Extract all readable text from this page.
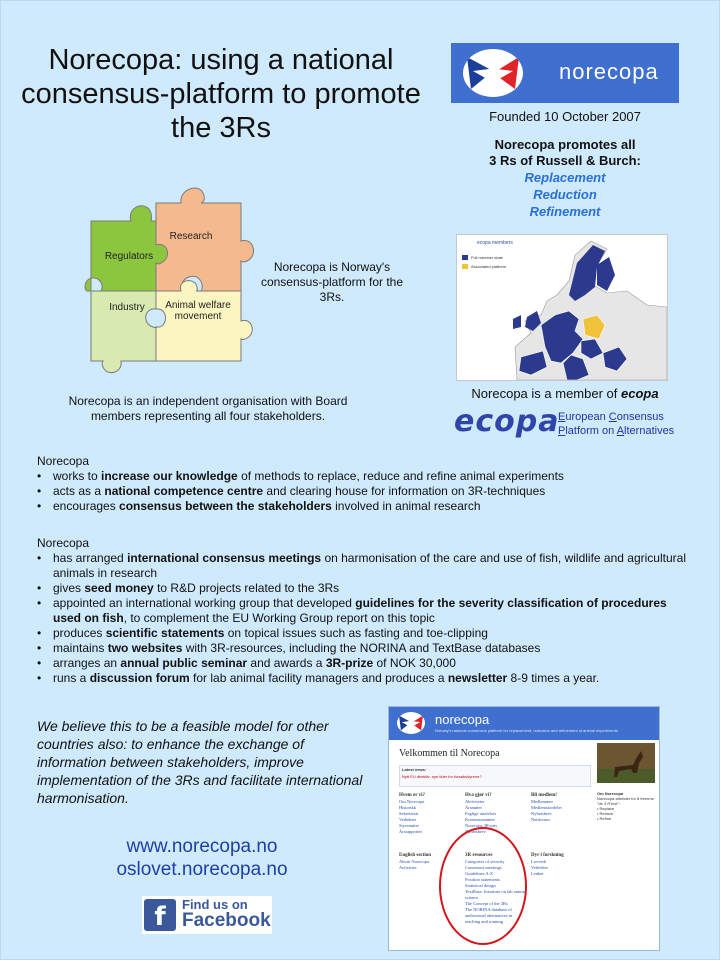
Norecopa: using a national consensus-platform to promote the 3Rs
norecopa
Founded 10 October 2007
Norecopa promotes all
3 Rs of Russell & Burch:
Replacement
Reduction
Refinement
Regulators
Research
Industry	Animal welfare movement
Norecopa is Norway's consensus-platform for the 3Rs.
ecopa members
Full member state
Associated platform
Norecopa is an independent organisation with Board members representing all four stakeholders.
Norecopa is a member of ecopa
ecopa
European Consensus
Platform on Alternatives
Norecopa
• works to increase our knowledge of methods to replace, reduce and refine animal experiments
• acts as a national competence centre and clearing house for information on 3R-techniques
• encourages consensus between the stakeholders involved in animal research
Norecopa
• has arranged international consensus meetings on harmonisation of the care and use of fish, wildlife and agricultural animals in research
• gives seed money to R&D projects related to the 3Rs
• appointed an international working group that developed guidelines for the severity classification of procedures used on fish, to complement the EU Working Group report on this topic
• produces scientific statements on topical issues such as fasting and toe-clipping
• maintains two websites with 3R-resources, including the NORINA and TextBase databases
• arranges an annual public seminar and awards a 3R-prize of NOK 30,000
• runs a discussion forum for lab animal facility managers and produces a newsletter 8-9 times a year.
We believe this to be a feasible model for other countries also: to enhance the exchange of information between stakeholders, improve implementation of the 3Rs and facilitate international harmonisation.
www.norecopa.no
oslovet.norecopa.no
f	Find us on
Facebook
norecopa
Norway's national consensus platform for replacement, reduction and refinement of animal experiments
Velkommen til Norecopa
Latest news:
Nytt EU direktiv: nye tider for forsøksdyrene?
Hvem er vi?
Om Norecopa
Historikk
Sekretariat
Vedtekter
Styremøter
Årsrapporter
Hva gjør vi?
Aktiviteter
Årsmøter
Faglige uttalelser
Konsensusmøter
Norecopa 3R-pris
Nyhetsbrev
Bli medlem!
Medlemmer
Medlemsfordeler
Nyhetsbrev
Nettforum
English section
About Norecopa
Activities
3R resources
Categories of severity
Consensus meetings
Guidelines A-Z
Position statements
Statistical design
TextBase: literature on lab animal science
The Concept of the 3Rs
The NORINA database of audiovisual alternatives in teaching and training
Dyr i forskning
Lovverk
Veiledere
Lenker
Om Norecopa
Norecopa arbeider for å fremme "de 3 R'ene":
• Replace
• Reduce
• Refine
